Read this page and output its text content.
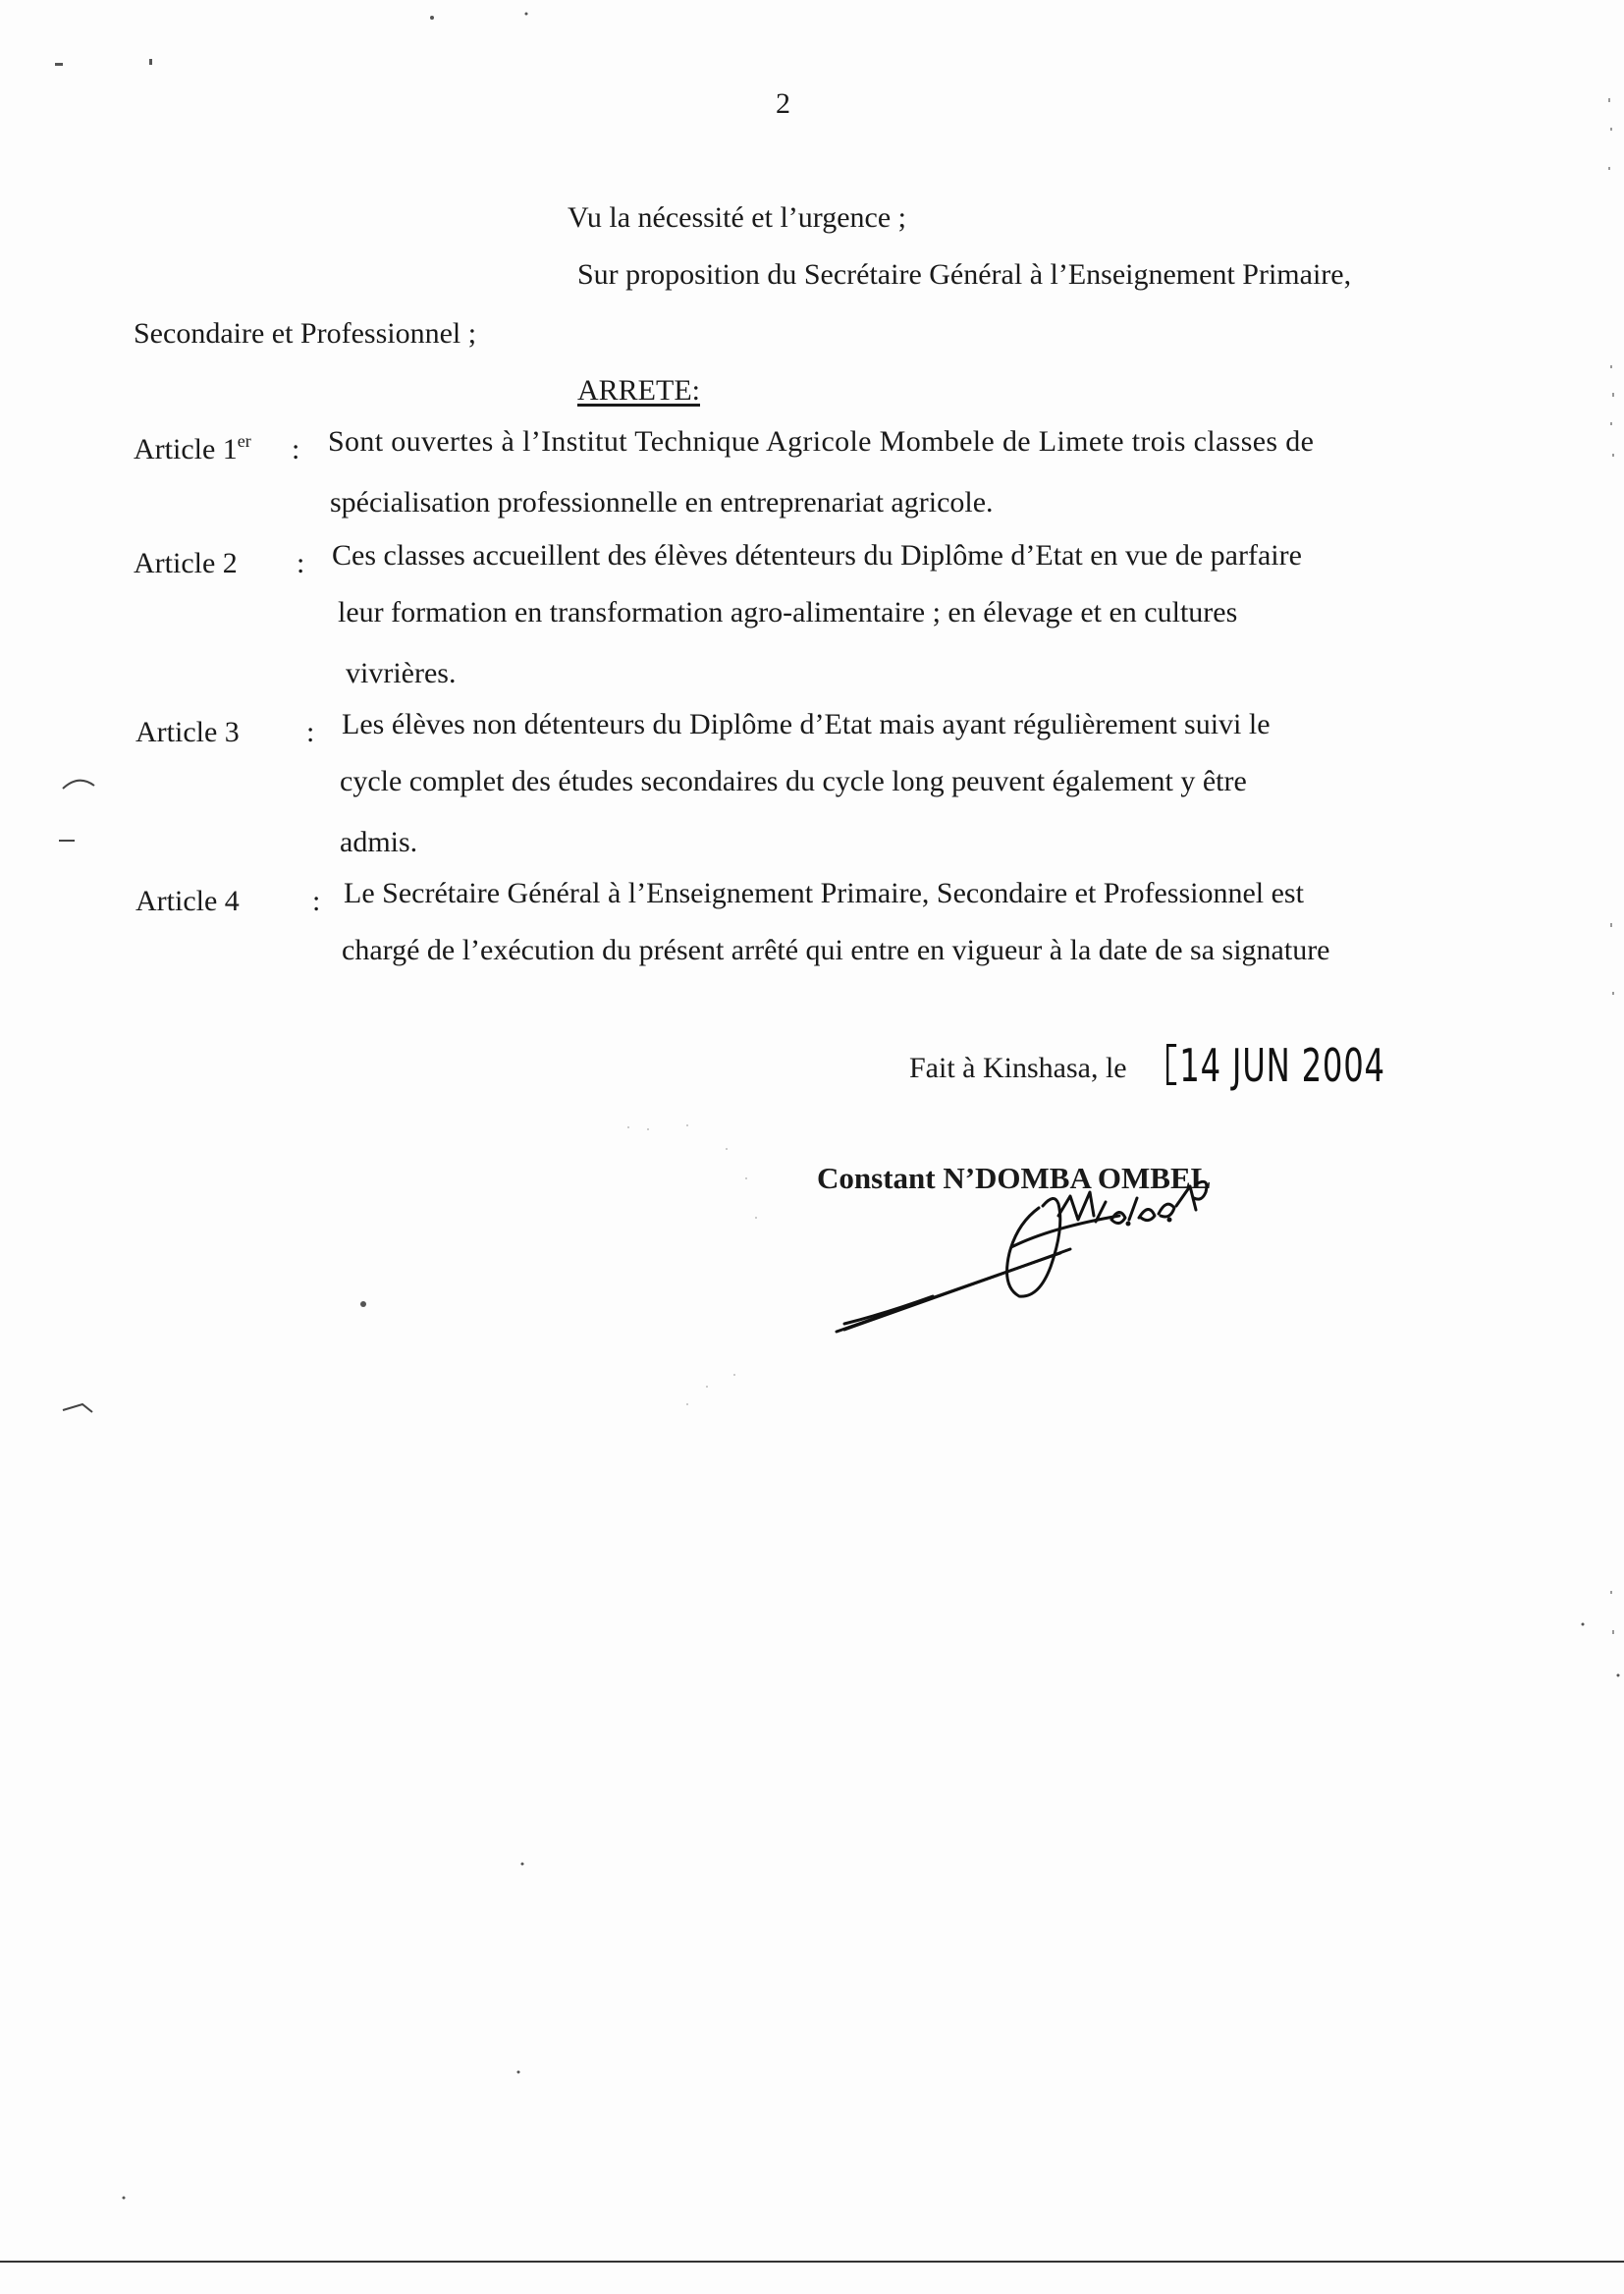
2
Vu la nécessité et l’urgence ;
Sur proposition du Secrétaire Général à l’Enseignement Primaire,
Secondaire et Professionnel ;
ARRETE:
Article 1er : Sont ouvertes à l’Institut Technique Agricole Mombele de Limete trois classes de
spécialisation professionnelle en entreprenariat agricole.
Article 2 : Ces classes accueillent des élèves détenteurs du Diplôme d’Etat en vue de parfaire
leur formation en transformation agro-alimentaire ; en élevage et en cultures
vivrières.
Article 3 : Les élèves non détenteurs du Diplôme d’Etat mais ayant régulièrement suivi le
cycle complet des études secondaires du cycle long peuvent également y être
admis.
Article 4 : Le Secrétaire Général à l’Enseignement Primaire, Secondaire et Professionnel est
chargé de l’exécution du présent arrêté qui entre en vigueur à la date de sa signature
Fait à Kinshasa, le 14 JUN 2004
Constant N’DOMBA OMBEL
